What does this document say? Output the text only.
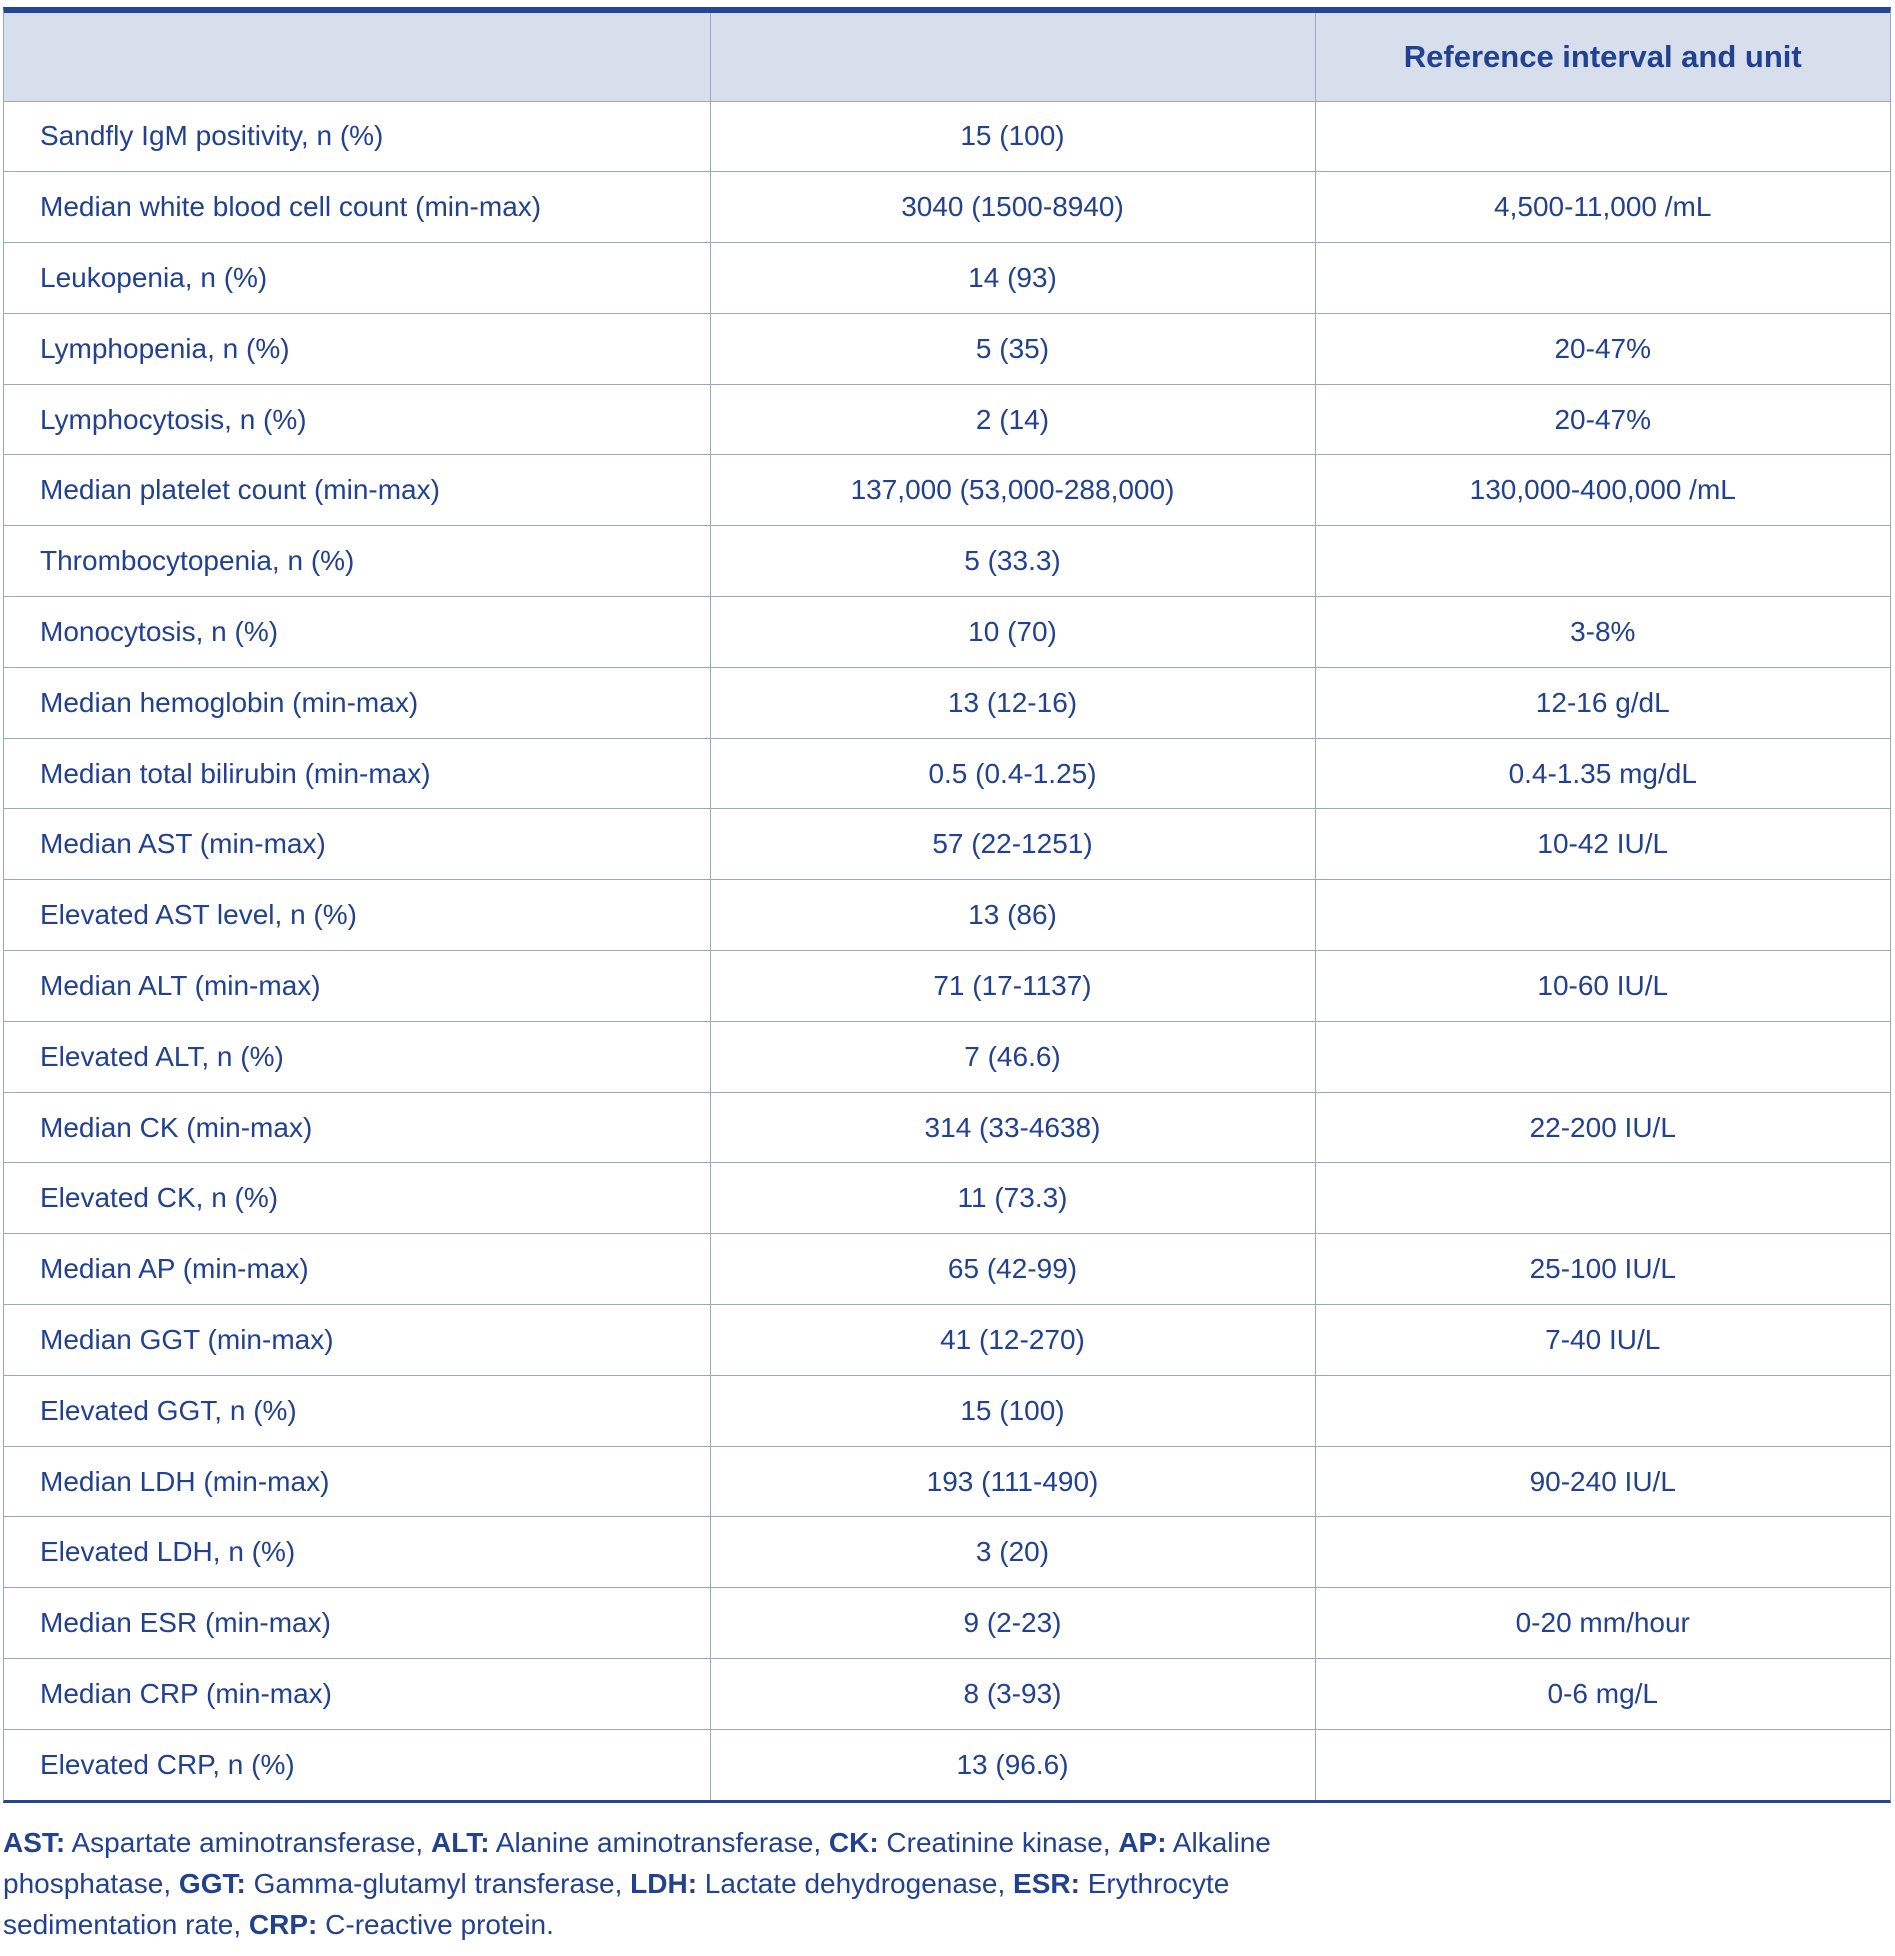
		Reference interval and unit
Sandfly IgM positivity, n (%)	15 (100)	
Median white blood cell count (min-max)	3040 (1500-8940)	4,500-11,000 /mL
Leukopenia, n (%)	14 (93)	
Lymphopenia, n (%)	5 (35)	20-47%
Lymphocytosis, n (%)	2 (14)	20-47%
Median platelet count (min-max)	137,000 (53,000-288,000)	130,000-400,000 /mL
Thrombocytopenia, n (%)	5 (33.3)	
Monocytosis, n (%)	10 (70)	3-8%
Median hemoglobin (min-max)	13 (12-16)	12-16 g/dL
Median total bilirubin (min-max)	0.5 (0.4-1.25)	0.4-1.35 mg/dL
Median AST (min-max)	57 (22-1251)	10-42 IU/L
Elevated AST level, n (%)	13 (86)	
Median ALT (min-max)	71 (17-1137)	10-60 IU/L
Elevated ALT, n (%)	7 (46.6)	
Median CK (min-max)	314 (33-4638)	22-200 IU/L
Elevated CK, n (%)	11 (73.3)	
Median AP (min-max)	65 (42-99)	25-100 IU/L
Median GGT (min-max)	41 (12-270)	7-40 IU/L
Elevated GGT, n (%)	15 (100)	
Median LDH (min-max)	193 (111-490)	90-240 IU/L
Elevated LDH, n (%)	3 (20)	
Median ESR (min-max)	9 (2-23)	0-20 mm/hour
Median CRP (min-max)	8 (3-93)	0-6 mg/L
Elevated CRP, n (%)	13 (96.6)	
AST: Aspartate aminotransferase, ALT: Alanine aminotransferase, CK: Creatinine kinase, AP: Alkaline phosphatase, GGT: Gamma-glutamyl transferase, LDH: Lactate dehydrogenase, ESR: Erythrocyte sedimentation rate, CRP: C-reactive protein.
